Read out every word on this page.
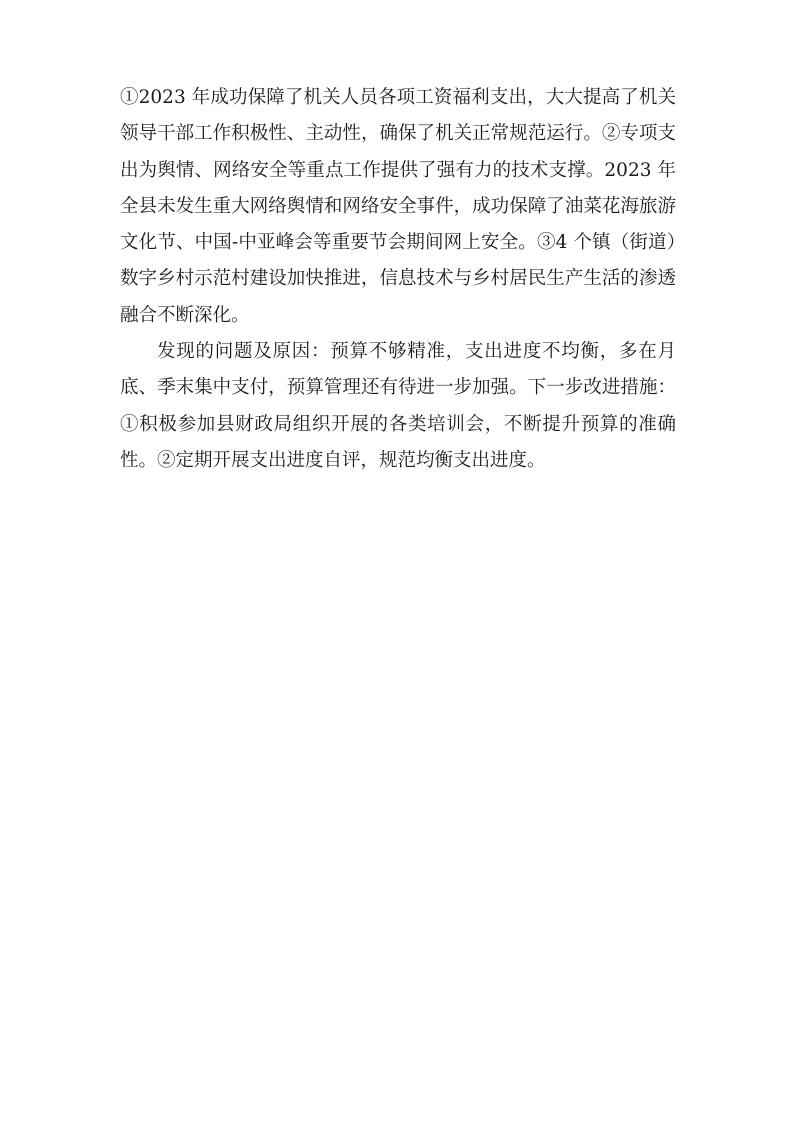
①2023 年成功保障了机关人员各项工资福利支出，大大提高了机关领导干部工作积极性、主动性，确保了机关正常规范运行。②专项支出为舆情、网络安全等重点工作提供了强有力的技术支撑。2023 年全县未发生重大网络舆情和网络安全事件，成功保障了油菜花海旅游文化节、中国-中亚峰会等重要节会期间网上安全。③4 个镇（街道）数字乡村示范村建设加快推进，信息技术与乡村居民生产生活的渗透融合不断深化。

发现的问题及原因：预算不够精准，支出进度不均衡，多在月底、季末集中支付，预算管理还有待进一步加强。下一步改进措施：①积极参加县财政局组织开展的各类培训会，不断提升预算的准确性。②定期开展支出进度自评，规范均衡支出进度。
